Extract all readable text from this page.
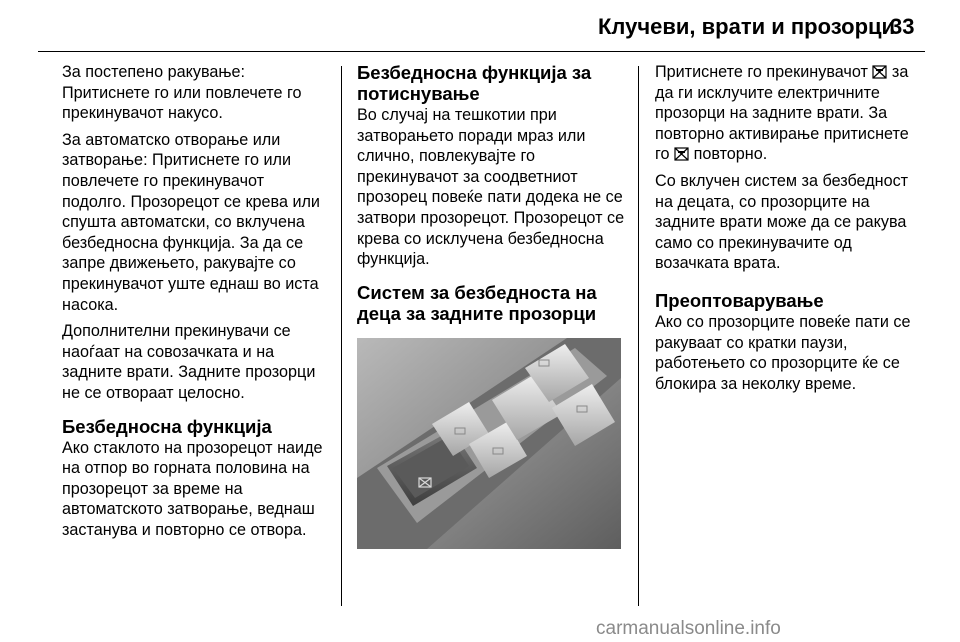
Клучеви, врати и прозорци
33

За постепено ракување: Притиснете го или повлечете го прекинувачот накусо.

За автоматско отворање или затворање: Притиснете го или повлечете го прекинувачот подолго. Прозорецот се крева или спушта автоматски, со вклучена безбедносна функција. За да се запре движењето, ракувајте со прекинувачот уште еднаш во иста насока.

Дополнителни прекинувачи се наоѓаат на совозачката и на задните врати. Задните прозорци не се отвораат целосно.

Безбедносна функција

Ако стаклото на прозорецот наиде на отпор во горната половина на прозорецот за време на автоматското затворање, веднаш застанува и повторно се отвора.

Безбедносна функција за потиснување

Во случај на тешкотии при затворањето поради мраз или слично, повлекувајте го прекинувачот за соодветниот прозорец повеќе пати додека не се затвори прозорецот. Прозорецот се крева со исклучена безбедносна функција.

Систем за безбедноста на деца за задните прозорци

Притиснете го прекинувачот за да ги исклучите електричните прозорци на задните врати. За повторно активирање притиснете го повторно.

Со вклучен систем за безбедност на децата, со прозорците на задните врати може да се ракува само со прекинувачите од возачката врата.

Преоптоварување

Ако со прозорците повеќе пати се ракуваат со кратки паузи, работењето со прозорците ќе се блокира за неколку време.

carmanualsonline.info
